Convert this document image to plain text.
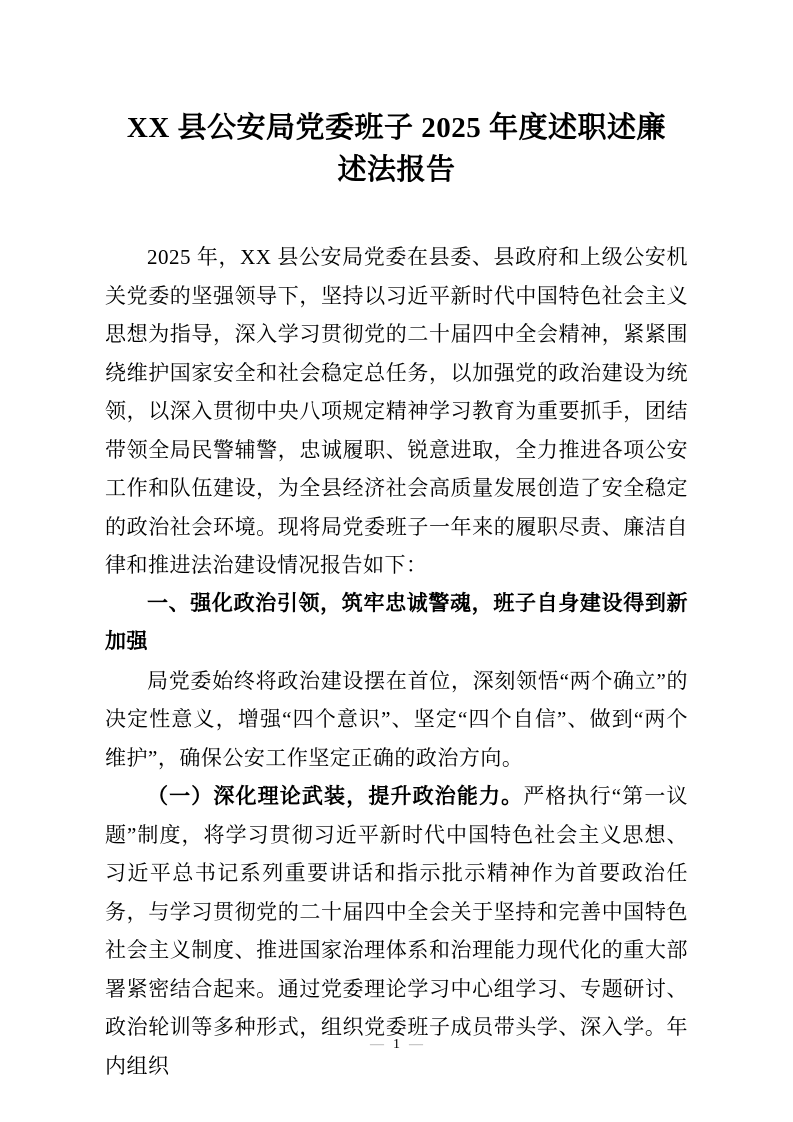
XX 县公安局党委班子 2025 年度述职述廉
述法报告

2025 年，XX 县公安局党委在县委、县政府和上级公安机关党委的坚强领导下，坚持以习近平新时代中国特色社会主义思想为指导，深入学习贯彻党的二十届四中全会精神，紧紧围绕维护国家安全和社会稳定总任务，以加强党的政治建设为统领，以深入贯彻中央八项规定精神学习教育为重要抓手，团结带领全局民警辅警，忠诚履职、锐意进取，全力推进各项公安工作和队伍建设，为全县经济社会高质量发展创造了安全稳定的政治社会环境。现将局党委班子一年来的履职尽责、廉洁自律和推进法治建设情况报告如下：

一、强化政治引领，筑牢忠诚警魂，班子自身建设得到新加强

局党委始终将政治建设摆在首位，深刻领悟“两个确立”的决定性意义，增强“四个意识”、坚定“四个自信”、做到“两个维护”，确保公安工作坚定正确的政治方向。

（一）深化理论武装，提升政治能力。严格执行“第一议题”制度，将学习贯彻习近平新时代中国特色社会主义思想、习近平总书记系列重要讲话和指示批示精神作为首要政治任务，与学习贯彻党的二十届四中全会关于坚持和完善中国特色社会主义制度、推进国家治理体系和治理能力现代化的重大部署紧密结合起来。通过党委理论学习中心组学习、专题研讨、政治轮训等多种形式，组织党委班子成员带头学、深入学。年内组织

— 1 —
